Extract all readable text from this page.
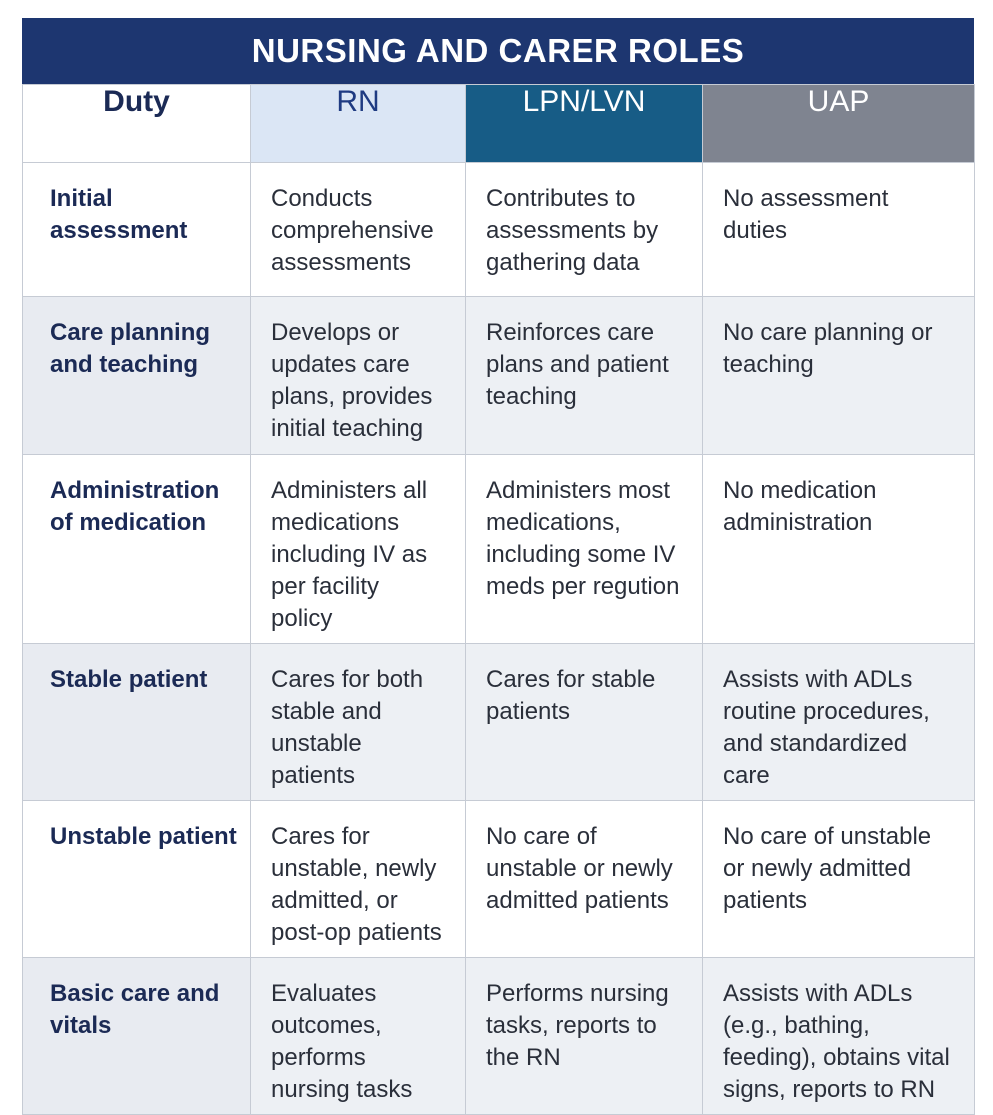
NURSING AND CARER ROLES
Duty	RN	LPN/LVN	UAP
Initial assessment	Conducts comprehensive assessments	Contributes to assessments by gathering data	No assessment duties
Care planning and teaching	Develops or updates care plans, provides initial teaching	Reinforces care plans and patient teaching	No care planning or teaching
Administration of medication	Administers all medications including IV as per facility policy	Administers most medications, including some IV meds per regution	No medication administration
Stable patient	Cares for both stable and unstable patients	Cares for stable patients	Assists with ADLs routine procedures, and standardized care
Unstable patient	Cares for unstable, newly admitted, or post-op patients	No care of unstable or newly admitted patients	No care of unstable or newly admitted patients
Basic care and vitals	Evaluates outcomes, performs nursing tasks	Performs nursing tasks, reports to the RN	Assists with ADLs (e.g., bathing, feeding), obtains vital signs, reports to RN
